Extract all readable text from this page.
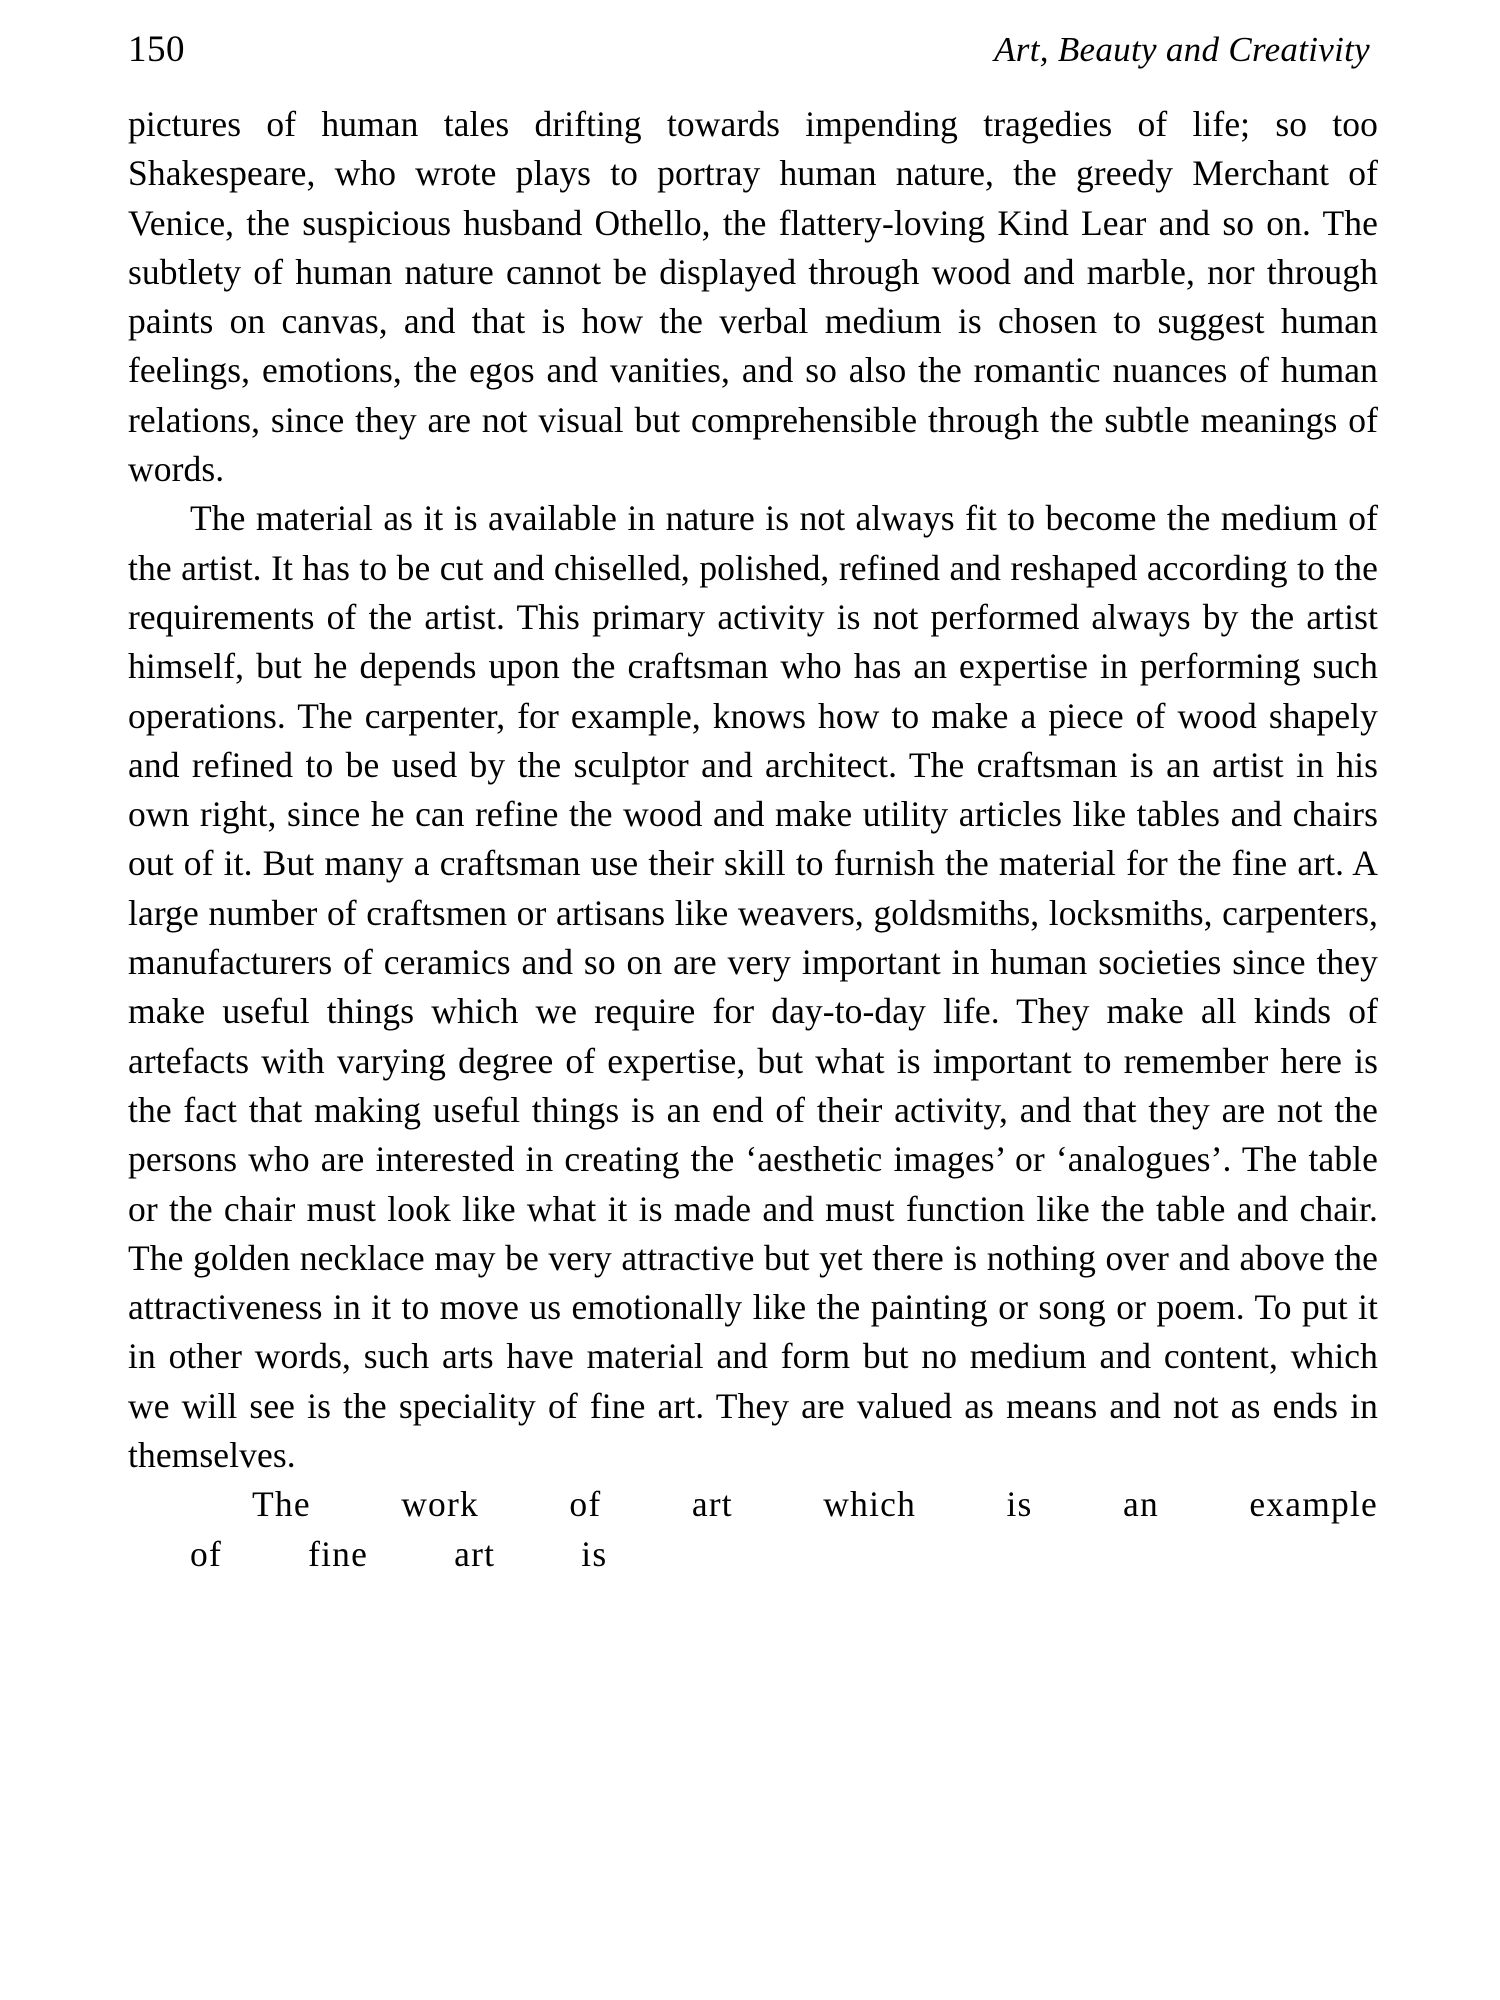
150	Art, Beauty and Creativity

pictures of human tales drifting towards impending tragedies of life; so too Shakespeare, who wrote plays to portray human nature, the greedy Merchant of Venice, the suspicious husband Othello, the flattery-loving Kind Lear and so on. The subtlety of human nature cannot be displayed through wood and marble, nor through paints on canvas, and that is how the verbal medium is chosen to suggest human feelings, emotions, the egos and vanities, and so also the romantic nuances of human relations, since they are not visual but comprehensible through the subtle meanings of words.

The material as it is available in nature is not always fit to become the medium of the artist. It has to be cut and chiselled, polished, refined and reshaped according to the requirements of the artist. This primary activity is not performed always by the artist himself, but he depends upon the craftsman who has an expertise in performing such operations. The carpenter, for example, knows how to make a piece of wood shapely and refined to be used by the sculptor and architect. The craftsman is an artist in his own right, since he can refine the wood and make utility articles like tables and chairs out of it. But many a craftsman use their skill to furnish the material for the fine art. A large number of craftsmen or artisans like weavers, goldsmiths, locksmiths, carpenters, manufacturers of ceramics and so on are very important in human societies since they make useful things which we require for day-to-day life. They make all kinds of artefacts with varying degree of expertise, but what is important to remember here is the fact that making useful things is an end of their activity, and that they are not the persons who are interested in creating the ‘aesthetic images’ or ‘analogues’. The table or the chair must look like what it is made and must function like the table and chair. The golden necklace may be very attractive but yet there is nothing over and above the attractiveness in it to move us emotionally like the painting or song or poem. To put it in other words, such arts have material and form but no medium and content, which we will see is the speciality of fine art. They are valued as means and not as ends in themselves.

The	work	of	art	which	is	an	example of fine art is
